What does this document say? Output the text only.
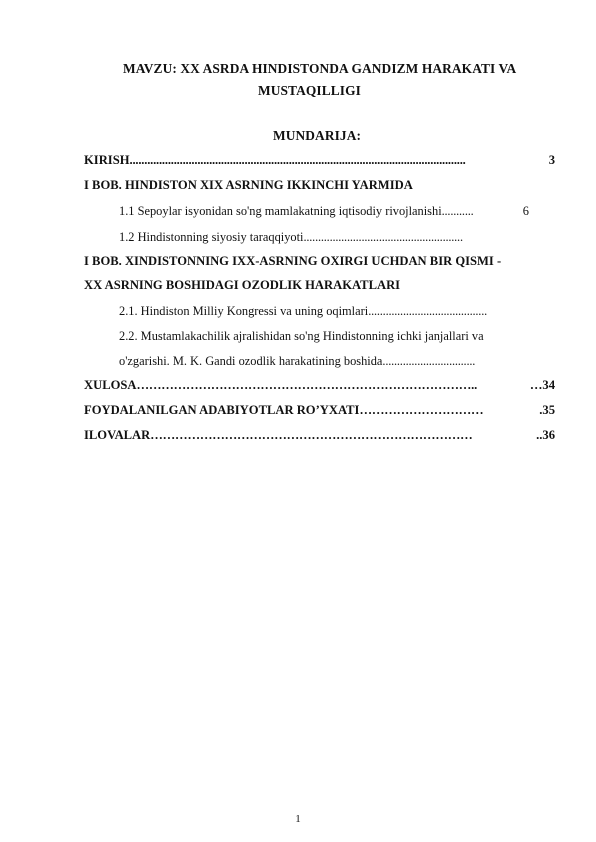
MAVZU: XX ASRDA HINDISTONDA GANDIZM HARAKATI VA
MUSTAQILLIGI
MUNDARIJA:
KIRISH ..................................................................................................................	3
I BOB. HINDISTON XIX ASRNING IKKINCHI YARMIDA
1.1 Sepoylar isyonidan so'ng mamlakatning iqtisodiy rivojlanishi ...........	6
1.2 Hindistonning siyosiy taraqqiyoti .......................................................
I BOB. XINDISTONNING IXX-ASRNING OXIRGI UCHDAN BIR QISMI -
XX ASRNING BOSHIDAGI OZODLIK HARAKATLARI
2.1. Hindiston Milliy Kongressi va uning oqimlari .........................................
2.2. Mustamlakachilik ajralishidan so'ng Hindistonning ichki janjallari va
o'zgarishi. M. K. Gandi ozodlik harakatining boshida ................................
XULOSA ………………………………………………………………………..	…34
FOYDALANILGAN ADABIYOTLAR RO’YXATI …………………………	.35
ILOVALAR ……………………………………………………………………	..36
1
